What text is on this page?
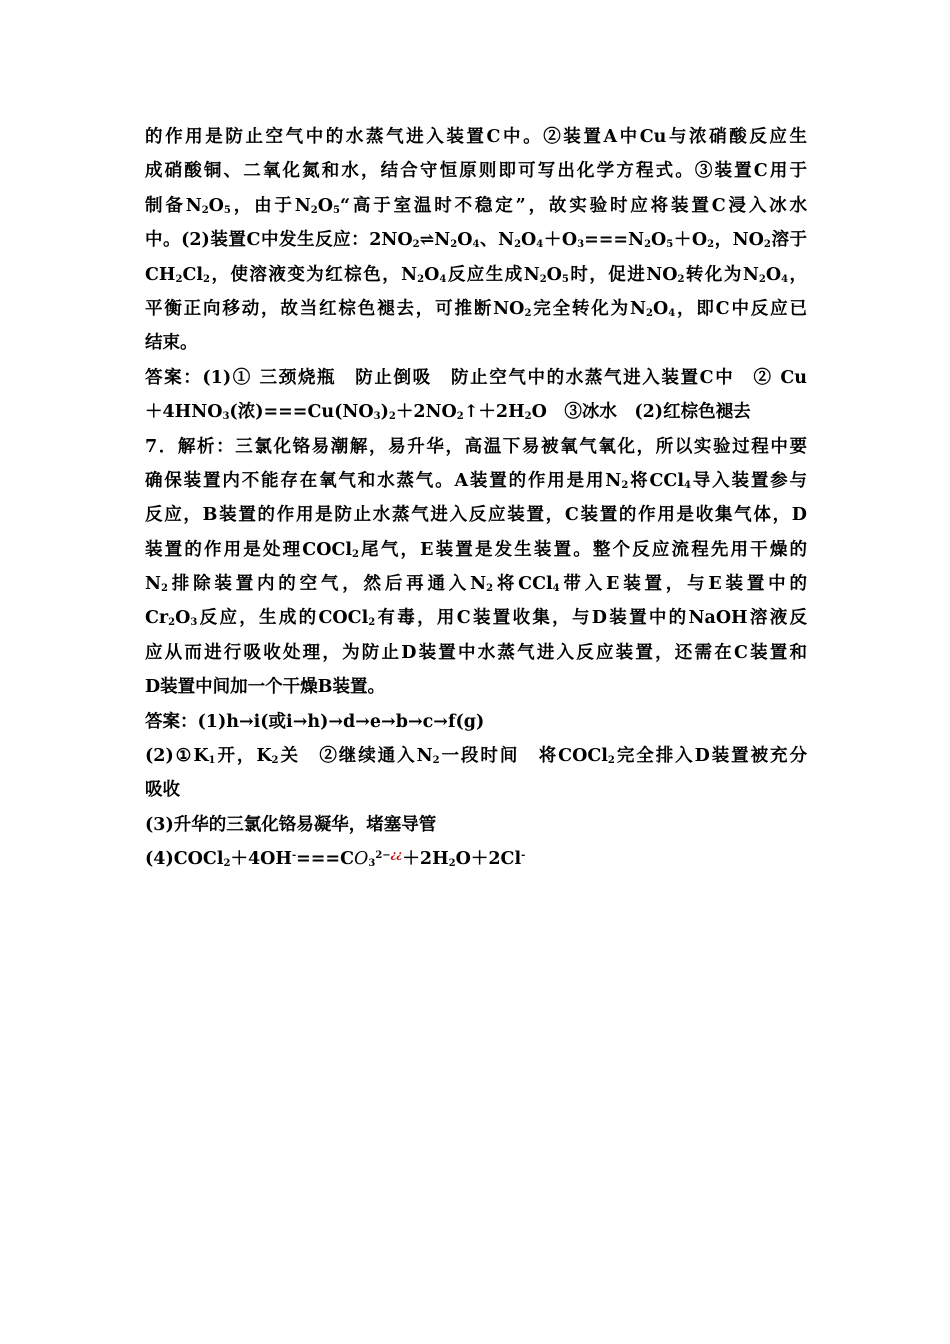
的作用是防止空气中的水蒸气进入装置C中。②装置A中Cu与浓硝酸反应生
成硝酸铜、二氧化氮和水，结合守恒原则即可写出化学方程式。③装置C用于
制备$N_2O_5$，由于$N_2O_5“$高于室温时不稳定”，故实验时应将装置C浸入冰水
中。(2)装置C中发生反应：$2NO_2\rightleftharpoons N_2O_4$、$N_2O_4+O_3===N_2O_5+O_2$，$NO_2$溶于
$CH_2Cl_2$，使溶液变为红棕色，$N_2O_4$反应生成$N_2O_5$时，促进$NO_2$转化为$N_2O_4$，
平衡正向移动，故当红棕色褪去，可推断$NO_2$完全转化为$N_2O_4$，即C中反应已
结束。
答案：(1)① 三颈烧瓶　防止倒吸　防止空气中的水蒸气进入装置C中　② Cu
$+4HNO_3$(浓)$===Cu(NO_3)_2+2NO_2↑+2H_2O$　③冰水　(2)红棕色褪去
7．解析：三氯化铬易潮解，易升华，高温下易被氧气氧化，所以实验过程中要
确保装置内不能存在氧气和水蒸气。A装置的作用是用$N_2$将CCl$_4$导入装置参与
反应，B装置的作用是防止水蒸气进入反应装置，C装置的作用是收集气体，D
装置的作用是处理COCl$_2$尾气，E装置是发生装置。整个反应流程先用干燥的
$N_2$排除装置内的空气，然后再通入$N_2$将CCl$_4$带入E装置，与E装置中的
$Cr_2O_3$反应，生成的COCl$_2$有毒，用C装置收集，与D装置中的NaOH溶液反
应从而进行吸收处理，为防止D装置中水蒸气进入反应装置，还需在C装置和
D装置中间加一个干燥B装置。
答案：(1)h→i(或i→h)→d→e→b→c→f(g)
$(2)①K_1$开，$K_2$关　②继续通入$N_2$一段时间　将COCl$_2$完全排入D装置被充分
吸收
(3)升华的三氯化铬易凝华，堵塞导管
$(4)COCl_2+4OH^-===CO_3^{2-¿¿}+2H_2O+2Cl^-$
